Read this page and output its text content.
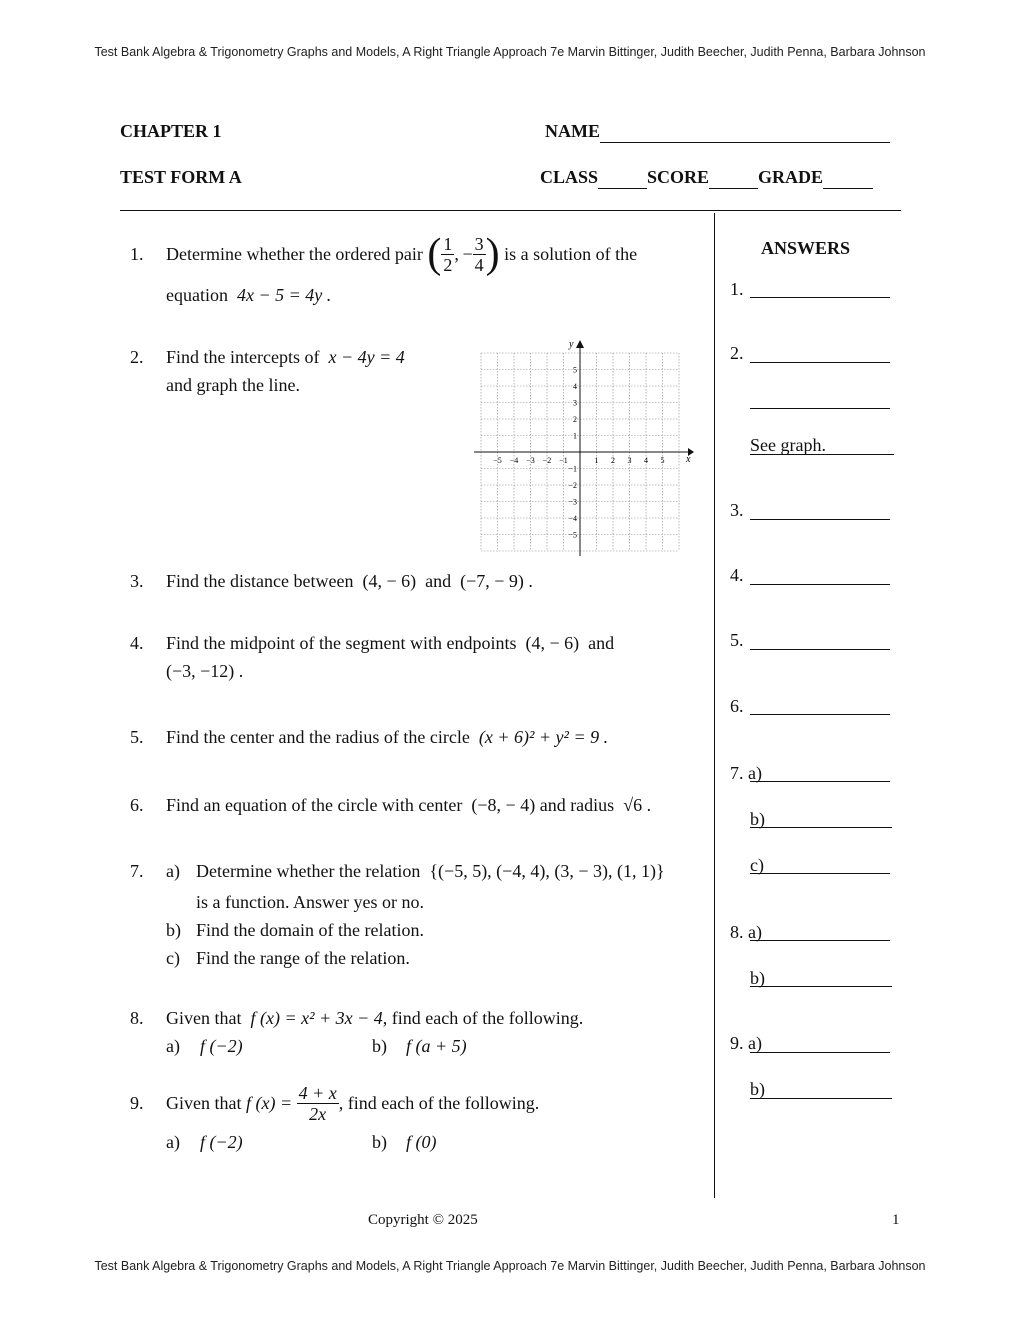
Test Bank Algebra & Trigonometry Graphs and Models, A Right Triangle Approach 7e Marvin Bittinger, Judith Beecher, Judith Penna, Barbara Johnson
CHAPTER 1	NAME
TEST FORM A	CLASS	SCORE	GRADE
1.	Determine whether the ordered pair
( $\frac{1}{2}$ , − $\frac{3}{4}$ )
is a solution of the
equation 4x − 5 = 4y .
2. Find the intercepts of x − 4y = 4
and graph the line.
x
y
−5 −4 −3 −2 −1	1 2 3 4 5
5
4
3
2
1
−1
−2
−3
−4
−5
3. Find the distance between (4, − 6) and (−7, − 9) .
4. Find the midpoint of the segment with endpoints (4, − 6) and
(−3, −12) .
5. Find the center and the radius of the circle (x + 6)² + y² = 9 .
6. Find an equation of the circle with center (−8, − 4) and radius √6 .
7. a) Determine whether the relation {(−5, 5), (−4, 4), (3, − 3), (1, 1)}
is a function. Answer yes or no.
b) Find the domain of the relation.
c) Find the range of the relation.
8. Given that f (x) = x² + 3x − 4, find each of the following.
a) f (−2)	b) f (a + 5)
9.	Given that
f (x) =
$\frac{4 + x}{2x}$ , find each of the following.
a) f (−2)	b) f (0)
ANSWERS
1.
2.
See graph.
3.
4.
5.
6.
7. a)
b)
c)
8. a)
b)
9. a)
b)
Copyright © 2025	1
Test Bank Algebra & Trigonometry Graphs and Models, A Right Triangle Approach 7e Marvin Bittinger, Judith Beecher, Judith Penna, Barbara Johnson
